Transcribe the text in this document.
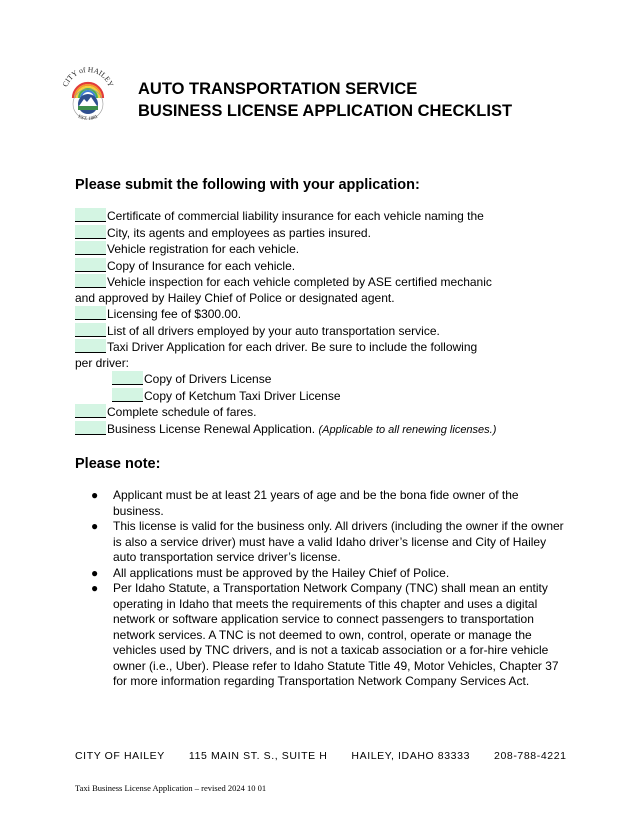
CITY of HAILEY
EST. 1881
AUTO TRANSPORTATION SERVICE
BUSINESS LICENSE APPLICATION CHECKLIST
Please submit the following with your application:
Certificate of commercial liability insurance for each vehicle naming the
City, its agents and employees as parties insured.
Vehicle registration for each vehicle.
Copy of Insurance for each vehicle.
Vehicle inspection for each vehicle completed by ASE certified mechanic
and approved by Hailey Chief of Police or designated agent.
Licensing fee of $300.00.
List of all drivers employed by your auto transportation service.
Taxi Driver Application for each driver. Be sure to include the following
per driver:
Copy of Drivers License
Copy of Ketchum Taxi Driver License
Complete schedule of fares.
Business License Renewal Application. (Applicable to all renewing licenses.)
Please note:
● Applicant must be at least 21 years of age and be the bona fide owner of the business.
● This license is valid for the business only. All drivers (including the owner if the owner is also a service driver) must have a valid Idaho driver’s license and City of Hailey auto transportation service driver’s license.
● All applications must be approved by the Hailey Chief of Police.
● Per Idaho Statute, a Transportation Network Company (TNC) shall mean an entity operating in Idaho that meets the requirements of this chapter and uses a digital network or software application service to connect passengers to transportation network services. A TNC is not deemed to own, control, operate or manage the vehicles used by TNC drivers, and is not a taxicab association or a for-hire vehicle owner (i.e., Uber). Please refer to Idaho Statute Title 49, Motor Vehicles, Chapter 37 for more information regarding Transportation Network Company Services Act.
CITY OF HAILEY 115 MAIN ST. S., SUITE H HAILEY, IDAHO 83333 208-788-4221
Taxi Business License Application – revised 2024 10 01
